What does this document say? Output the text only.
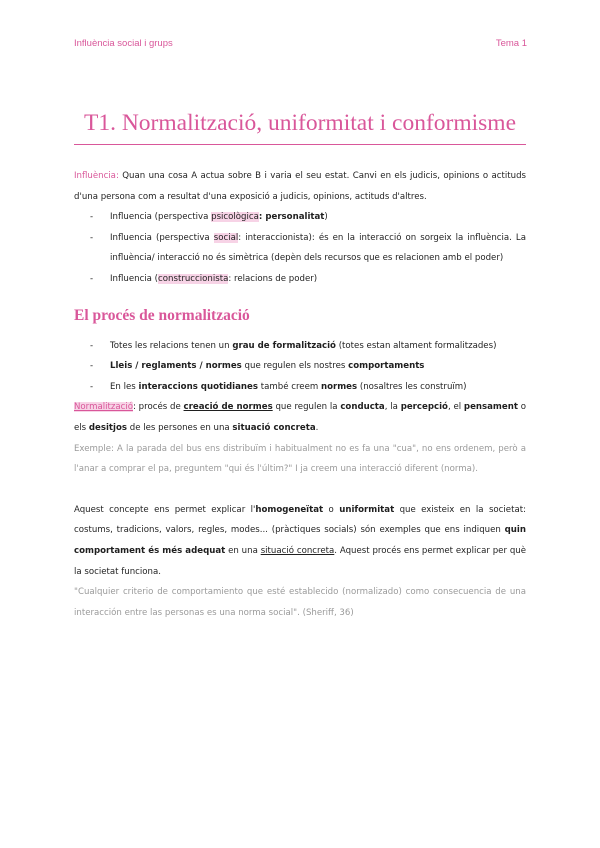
Influència social i grups	Tema 1
T1. Normalització, uniformitat i conformisme

Influència: Quan una cosa A actua sobre B i varia el seu estat. Canvi en els judicis, opinions o actituds d'una persona com a resultat d'una exposició a judicis, opinions, actituds d'altres.

- Influencia (perspectiva psicològica: personalitat)
- Influencia (perspectiva social: interaccionista): és en la interacció on sorgeix la influència. La influència/ interacció no és simètrica (depèn dels recursos que es relacionen amb el poder)
- Influencia (construccionista: relacions de poder)
El procés de normalització
- Totes les relacions tenen un grau de formalització (totes estan altament formalitzades)
- Lleis / reglaments / normes que regulen els nostres comportaments
- En les interaccions quotidianes també creem normes (nosaltres les construïm)

Normalització: procés de creació de normes que regulen la conducta, la percepció, el pensament o els desitjos de les persones en una situació concreta.

Exemple: A la parada del bus ens distribuïm i habitualment no es fa una "cua", no ens ordenem, però a l'anar a comprar el pa, preguntem "qui és l'últim?" I ja creem una interacció diferent (norma).

Aquest concepte ens permet explicar l'homogeneïtat o uniformitat que existeix en la societat: costums, tradicions, valors, regles, modes... (pràctiques socials) són exemples que ens indiquen quin comportament és més adequat en una situació concreta. Aquest procés ens permet explicar per què la societat funciona.

"Cualquier criterio de comportamiento que esté establecido (normalizado) como consecuencia de una interacción entre las personas es una norma social". (Sheriff, 36)
